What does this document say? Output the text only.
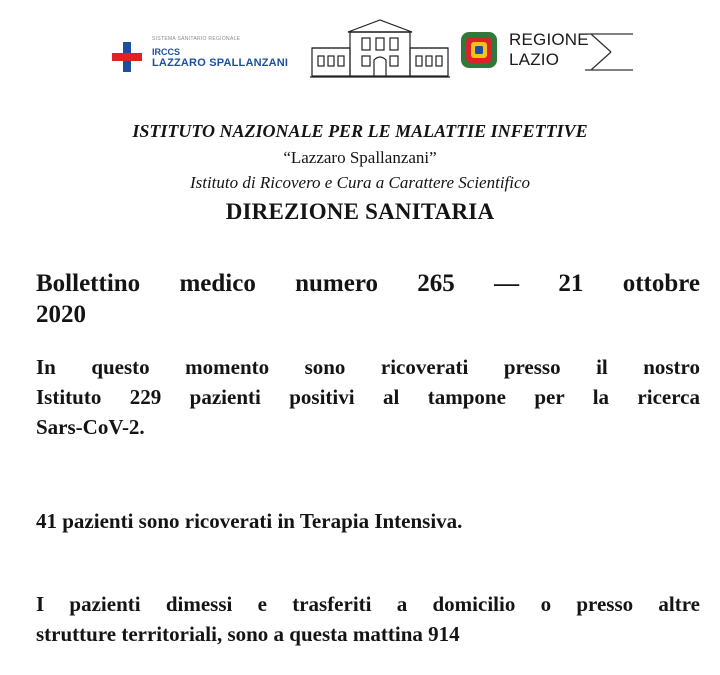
SISTEMA SANITARIO REGIONALE
IRCCS
LAZZARO SPALLANZANI
REGIONE
LAZIO
ISTITUTO NAZIONALE PER LE MALATTIE INFETTIVE
“Lazzaro Spallanzani”
Istituto di Ricovero e Cura a Carattere Scientifico
DIREZIONE SANITARIA
Bollettino medico numero 265 — 21 ottobre
2020
In questo momento sono ricoverati presso il nostro
Istituto 229 pazienti positivi al tampone per la ricerca
Sars-CoV-2.
41 pazienti sono ricoverati in Terapia Intensiva.
I pazienti dimessi e trasferiti a domicilio o presso altre
strutture territoriali, sono a questa mattina 914
